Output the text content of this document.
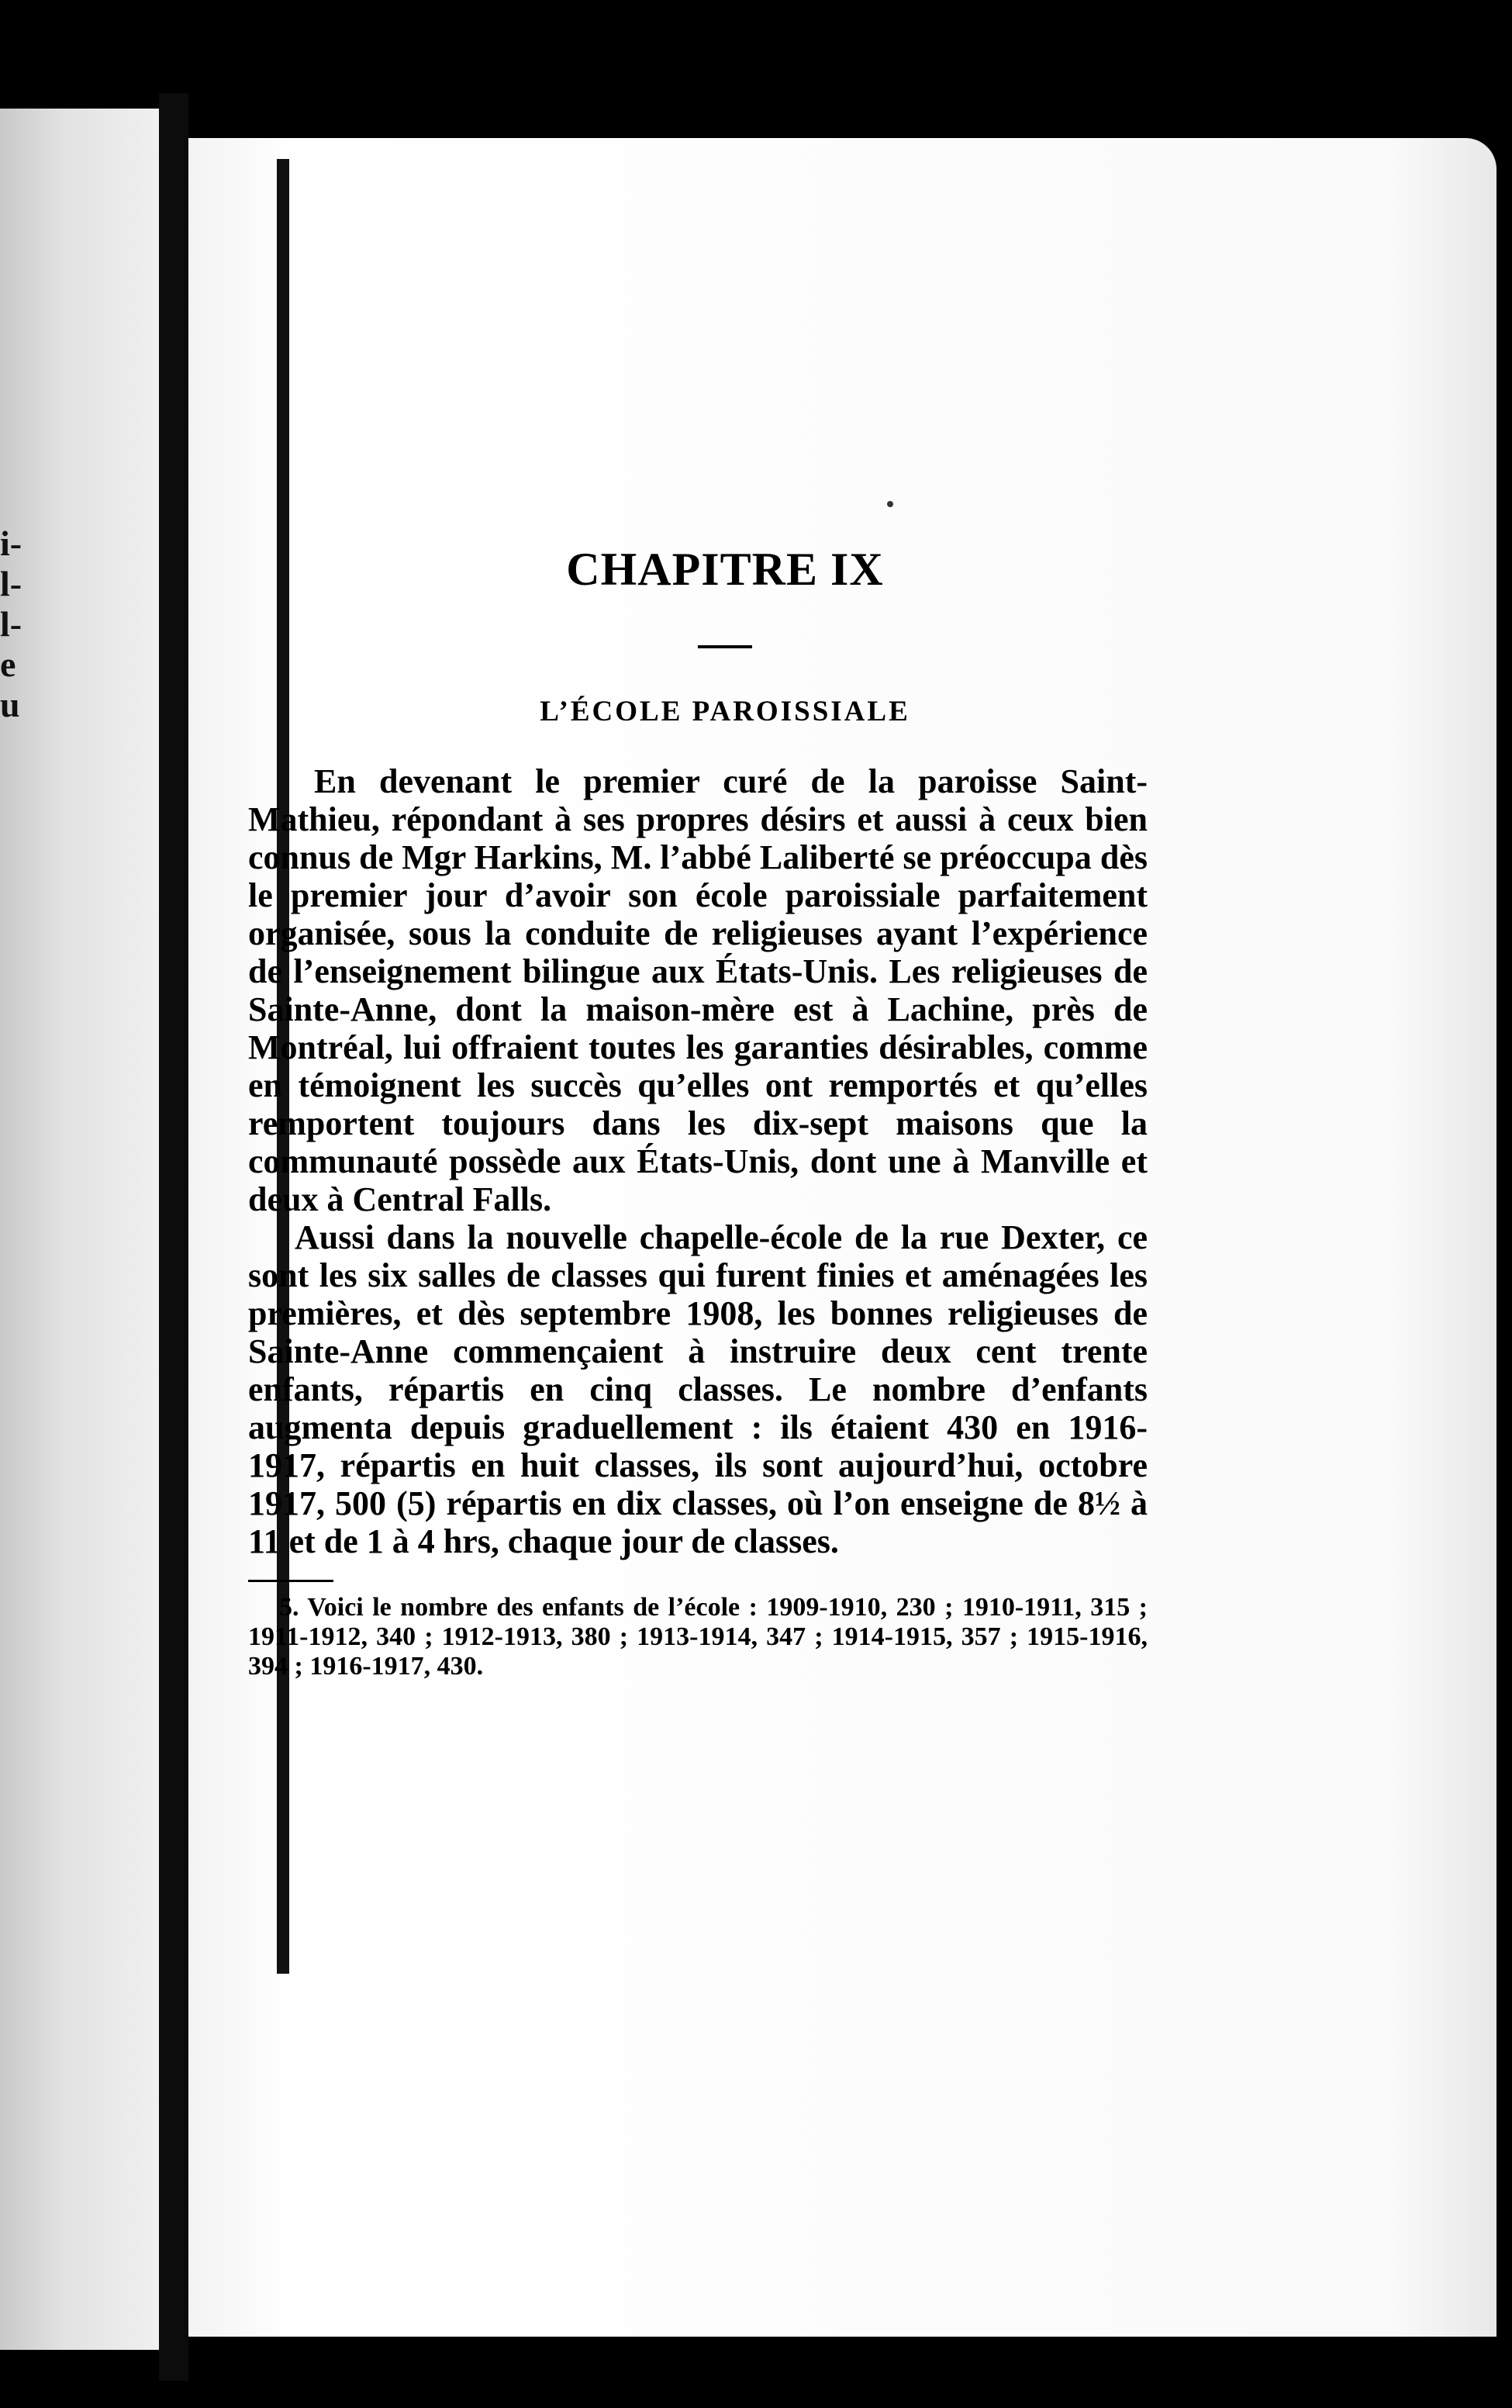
i-
l-
l-
e
u
CHAPITRE IX
L’ÉCOLE PAROISSIALE

En devenant le premier curé de la paroisse Saint-Mathieu, répondant à ses propres désirs et aussi à ceux bien connus de Mgr Harkins, M. l’abbé Laliberté se préoccupa dès le premier jour d’avoir son école paroissiale parfaitement organisée, sous la conduite de religieuses ayant l’expérience de l’enseignement bilingue aux États-Unis. Les religieuses de Sainte-Anne, dont la maison-mère est à Lachine, près de Montréal, lui offraient toutes les garanties désirables, comme en témoignent les succès qu’elles ont remportés et qu’elles remportent toujours dans les dix-sept maisons que la communauté possède aux États-Unis, dont une à Manville et deux à Central Falls.

Aussi dans la nouvelle chapelle-école de la rue Dexter, ce sont les six salles de classes qui furent finies et aménagées les premières, et dès septembre 1908, les bonnes religieuses de Sainte-Anne commençaient à instruire deux cent trente enfants, répartis en cinq classes. Le nombre d’enfants augmenta depuis graduellement : ils étaient 430 en 1916-1917, répartis en huit classes, ils sont aujourd’hui, octobre 1917, 500 (5) répartis en dix classes, où l’on enseigne de 8½ à 11 et de 1 à 4 hrs, chaque jour de classes.

5. Voici le nombre des enfants de l’école : 1909-1910, 230 ; 1910-1911, 315 ; 1911-1912, 340 ; 1912-1913, 380 ; 1913-1914, 347 ; 1914-1915, 357 ; 1915-1916, 394 ; 1916-1917, 430.
